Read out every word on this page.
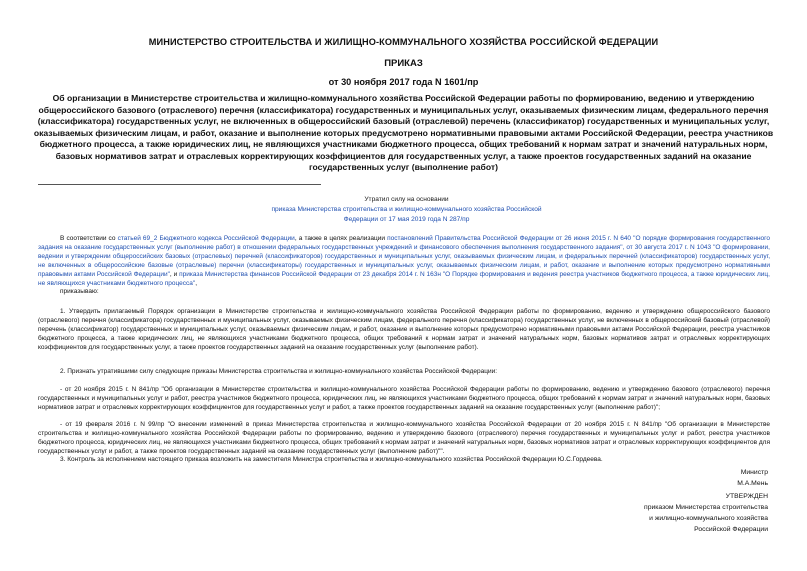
МИНИСТЕРСТВО СТРОИТЕЛЬСТВА И ЖИЛИЩНО-КОММУНАЛЬНОГО ХОЗЯЙСТВА РОССИЙСКОЙ ФЕДЕРАЦИИ
ПРИКАЗ
от 30 ноября 2017 года N 1601/пр
Об организации в Министерстве строительства и жилищно-коммунального хозяйства Российской Федерации работы по формированию, ведению и утверждению общероссийского базового (отраслевого) перечня (классификатора) государственных и муниципальных услуг, оказываемых физическим лицам, федерального перечня (классификатора) государственных услуг, не включенных в общероссийский базовый (отраслевой) перечень (классификатор) государственных и муниципальных услуг, оказываемых физическим лицам, и работ, оказание и выполнение которых предусмотрено нормативными правовыми актами Российской Федерации, реестра участников бюджетного процесса, а также юридических лиц, не являющихся участниками бюджетного процесса, общих требований к нормам затрат и значений натуральных норм, базовых нормативов затрат и отраслевых корректирующих коэффициентов для государственных услуг, а также проектов государственных заданий на оказание государственных услуг (выполнение работ)
Утратил силу на основании
приказа Министерства строительства и жилищно-коммунального хозяйства Российской Федерации от 17 мая 2019 года N 287/пр

В соответствии со статьей 69_2 Бюджетного кодекса Российской Федерации, а также в целях реализации постановлений Правительства Российской Федерации от 26 июня 2015 г. N 640 "О порядке формирования государственного задания на оказание государственных услуг (выполнение работ) в отношении федеральных государственных учреждений и финансового обеспечения выполнения государственного задания", от 30 августа 2017 г. N 1043 "О формировании, ведении и утверждении общероссийских базовых (отраслевых) перечней (классификаторов) государственных и муниципальных услуг, оказываемых физическим лицам, и федеральных перечней (классификаторов) государственных услуг, не включенных в общероссийские базовые (отраслевые) перечни (классификаторы) государственных и муниципальных услуг, оказываемых физическим лицам, и работ, оказание и выполнение которых предусмотрено нормативными правовыми актами Российской Федерации", и приказа Министерства финансов Российской Федерации от 23 декабря 2014 г. N 163н "О Порядке формирования и ведения реестра участников бюджетного процесса, а также юридических лиц, не являющихся участниками бюджетного процесса",

приказываю:

1. Утвердить прилагаемый Порядок организации в Министерстве строительства и жилищно-коммунального хозяйства Российской Федерации работы по формированию, ведению и утверждению общероссийского базового (отраслевого) перечня (классификатора) государственных и муниципальных услуг, оказываемых физическим лицам, федерального перечня (классификатора) государственных услуг, не включенных в общероссийский базовый (отраслевой) перечень (классификатор) государственных и муниципальных услуг, оказываемых физическим лицам, и работ, оказание и выполнение которых предусмотрено нормативными правовыми актами Российской Федерации, реестра участников бюджетного процесса, а также юридических лиц, не являющихся участниками бюджетного процесса, общих требований к нормам затрат и значений натуральных норм, базовых нормативов затрат и отраслевых корректирующих коэффициентов для государственных услуг, а также проектов государственных заданий на оказание государственных услуг (выполнение работ).

2. Признать утратившими силу следующие приказы Министерства строительства и жилищно-коммунального хозяйства Российской Федерации:

- от 20 ноября 2015 г. N 841/пр "Об организации в Министерстве строительства и жилищно-коммунального хозяйства Российской Федерации работы по формированию, ведению и утверждению базового (отраслевого) перечня государственных и муниципальных услуг и работ, реестра участников бюджетного процесса, юридических лиц, не являющихся участниками бюджетного процесса, общих требований к нормам затрат и значений натуральных норм, базовых нормативов затрат и отраслевых корректирующих коэффициентов для государственных услуг и работ, а также проектов государственных заданий на оказание государственных услуг (выполнение работ)";

- от 19 февраля 2016 г. N 99/пр "О внесении изменений в приказ Министерства строительства и жилищно-коммунального хозяйства Российской Федерации от 20 ноября 2015 г. N 841/пр "Об организации в Министерстве строительства и жилищно-коммунального хозяйства Российской Федерации работы по формированию, ведению и утверждению базового (отраслевого) перечня государственных и муниципальных услуг и работ, реестра участников бюджетного процесса, юридических лиц, не являющихся участниками бюджетного процесса, общих требований к нормам затрат и значений натуральных норм, базовых нормативов затрат и отраслевых корректирующих коэффициентов для государственных услуг и работ, а также проектов государственных заданий на оказание государственных услуг (выполнение работ)"".

3. Контроль за исполнением настоящего приказа возложить на заместителя Министра строительства и жилищно-коммунального хозяйства Российской Федерации Ю.С.Гордеева.

Министр
М.А.Мень
УТВЕРЖДЕН
приказом Министерства строительства
и жилищно-коммунального хозяйства
Российской Федерации
